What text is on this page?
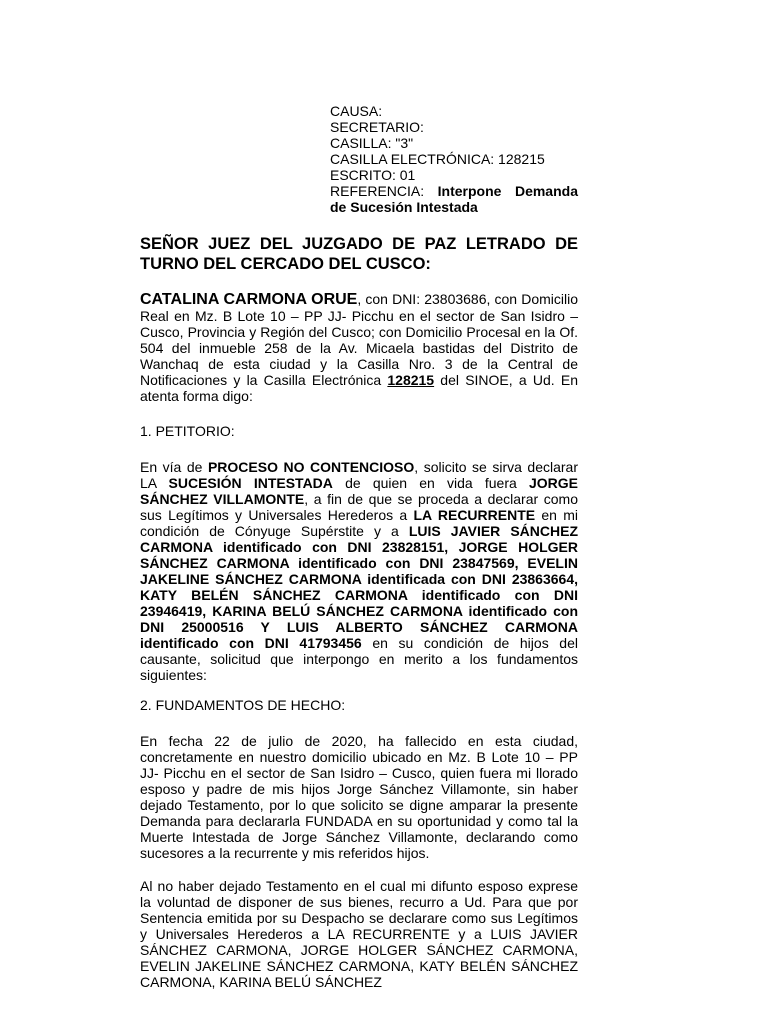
CAUSA:
SECRETARIO:
CASILLA: "3"
CASILLA ELECTRÓNICA: 128215
ESCRITO: 01
REFERENCIA: Interpone Demanda de Sucesión Intestada
SEÑOR JUEZ DEL JUZGADO DE PAZ LETRADO DE TURNO DEL CERCADO DEL CUSCO:
CATALINA CARMONA ORUE, con DNI: 23803686, con Domicilio Real en Mz. B Lote 10 – PP JJ- Picchu en el sector de San Isidro – Cusco, Provincia y Región del Cusco; con Domicilio Procesal en la Of. 504 del inmueble 258 de la Av. Micaela bastidas del Distrito de Wanchaq de esta ciudad y la Casilla Nro. 3 de la Central de Notificaciones y la Casilla Electrónica 128215 del SINOE, a Ud. En atenta forma digo:
1. PETITORIO:
En vía de PROCESO NO CONTENCIOSO, solicito se sirva declarar LA SUCESIÓN INTESTADA de quien en vida fuera JORGE SÁNCHEZ VILLAMONTE, a fin de que se proceda a declarar como sus Legítimos y Universales Herederos a LA RECURRENTE en mi condición de Cónyuge Supérstite y a LUIS JAVIER SÁNCHEZ CARMONA identificado con DNI 23828151, JORGE HOLGER SÁNCHEZ CARMONA identificado con DNI 23847569, EVELIN JAKELINE SÁNCHEZ CARMONA identificada con DNI 23863664, KATY BELÉN SÁNCHEZ CARMONA identificado con DNI 23946419, KARINA BELÚ SÁNCHEZ CARMONA identificado con DNI 25000516 Y LUIS ALBERTO SÁNCHEZ CARMONA identificado con DNI 41793456 en su condición de hijos del causante, solicitud que interpongo en merito a los fundamentos siguientes:
2. FUNDAMENTOS DE HECHO:
En fecha 22 de julio de 2020, ha fallecido en esta ciudad, concretamente en nuestro domicilio ubicado en Mz. B Lote 10 – PP JJ- Picchu en el sector de San Isidro – Cusco, quien fuera mi llorado esposo y padre de mis hijos Jorge Sánchez Villamonte, sin haber dejado Testamento, por lo que solicito se digne amparar la presente Demanda para declararla FUNDADA en su oportunidad y como tal la Muerte Intestada de Jorge Sánchez Villamonte, declarando como sucesores a la recurrente y mis referidos hijos.
Al no haber dejado Testamento en el cual mi difunto esposo exprese la voluntad de disponer de sus bienes, recurro a Ud. Para que por Sentencia emitida por su Despacho se declarare como sus Legítimos y Universales Herederos a LA RECURRENTE y a LUIS JAVIER SÁNCHEZ CARMONA, JORGE HOLGER SÁNCHEZ CARMONA, EVELIN JAKELINE SÁNCHEZ CARMONA, KATY BELÉN SÁNCHEZ CARMONA, KARINA BELÚ SÁNCHEZ
